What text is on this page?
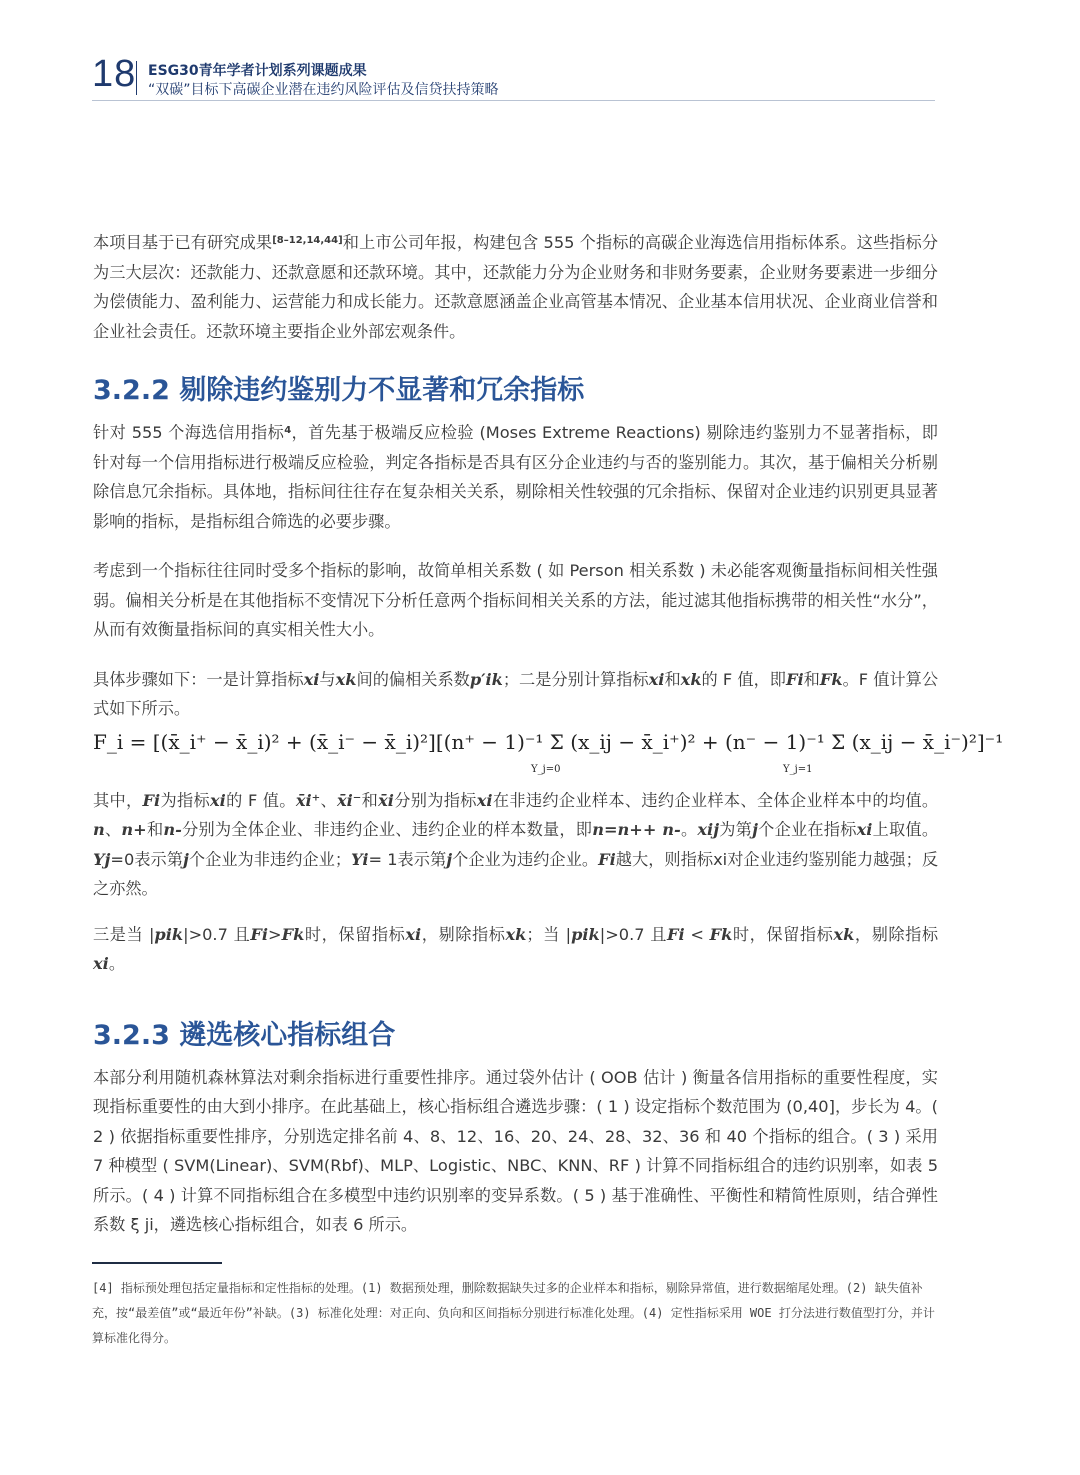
18 ESG30青年学者计划系列课题成果
“双碳”目标下高碳企业潜在违约风险评估及信贷扶持策略

本项目基于已有研究成果[8–12,14,44]和上市公司年报，构建包含 555 个指标的高碳企业海选信用指标体系。这些指标分为三大层次：还款能力、还款意愿和还款环境。其中，还款能力分为企业财务和非财务要素，企业财务要素进一步细分为偿债能力、盈利能力、运营能力和成长能力。还款意愿涵盖企业高管基本情况、企业基本信用状况、企业商业信誉和企业社会责任。还款环境主要指企业外部宏观条件。

3.2.2 剔除违约鉴别力不显著和冗余指标

针对 555 个海选信用指标$^4$，首先基于极端反应检验 (Moses Extreme Reactions) 剔除违约鉴别力不显著指标，即针对每一个信用指标进行极端反应检验，判定各指标是否具有区分企业违约与否的鉴别能力。其次，基于偏相关分析剔除信息冗余指标。具体地，指标间往往存在复杂相关关系，剔除相关性较强的冗余指标、保留对企业违约识别更具显著影响的指标，是指标组合筛选的必要步骤。

考虑到一个指标往往同时受多个指标的影响，故简单相关系数 ( 如 Person 相关系数 ) 未必能客观衡量指标间相关性强弱。偏相关分析是在其他指标不变情况下分析任意两个指标间相关关系的方法，能过滤其他指标携带的相关性“水分”，从而有效衡量指标间的真实相关性大小。

具体步骤如下：一是计算指标xi与xk间的偏相关系数p′ik；二是分别计算指标xi和xk的 F 值，即Fi和Fk。F 值计算公式如下所示。

F_i = [(x̄_i⁺ − x̄_i)² + (x̄_i⁻ − x̄_i)²][(n⁺ − 1)⁻¹ Σ (x_ij − x̄_i⁺)² + (n⁻ − 1)⁻¹ Σ (x_ij − x̄_i⁻)²]⁻¹
Y_j=0	Y_j=1

其中，Fi为指标xi的 F 值。x̄i⁺、x̄i⁻和x̄i分别为指标xi在非违约企业样本、违约企业样本、全体企业样本中的均值。n、n+和n-分别为全体企业、非违约企业、违约企业的样本数量，即n=n++ n-。xij为第j个企业在指标xi上取值。Yj=0表示第j个企业为非违约企业；Yi= 1表示第j个企业为违约企业。Fi越大，则指标xi对企业违约鉴别能力越强；反之亦然。

三是当 |pik|>0.7 且Fi>Fk时，保留指标xi，剔除指标xk；当 |pik|>0.7 且Fi < Fk时，保留指标xk，剔除指标xi。

3.2.3 遴选核心指标组合

本部分利用随机森林算法对剩余指标进行重要性排序。通过袋外估计 ( OOB 估计 ) 衡量各信用指标的重要性程度，实现指标重要性的由大到小排序。在此基础上，核心指标组合遴选步骤：( 1 ) 设定指标个数范围为 (0,40]，步长为 4。( 2 ) 依据指标重要性排序，分别选定排名前 4、8、12、16、20、24、28、32、36 和 40 个指标的组合。( 3 ) 采用 7 种模型 ( SVM(Linear)、SVM(Rbf)、MLP、Logistic、NBC、KNN、RF ) 计算不同指标组合的违约识别率，如表 5 所示。( 4 ) 计算不同指标组合在多模型中违约识别率的变异系数。( 5 ) 基于准确性、平衡性和精简性原则，结合弹性系数 ξ ji，遴选核心指标组合，如表 6 所示。

[4] 指标预处理包括定量指标和定性指标的处理。(1) 数据预处理，删除数据缺失过多的企业样本和指标，剔除异常值，进行数据缩尾处理。(2) 缺失值补充，按“最差值”或“最近年份”补缺。(3) 标准化处理：对正向、负向和区间指标分别进行标准化处理。(4) 定性指标采用 WOE 打分法进行数值型打分，并计算标准化得分。
